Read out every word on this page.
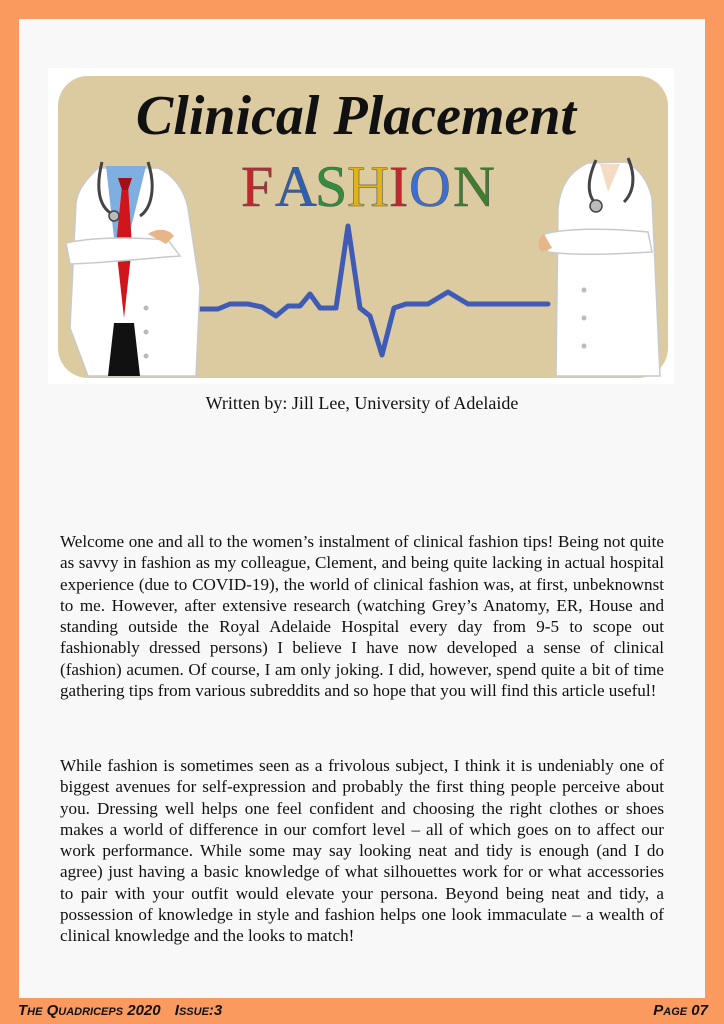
Clinical Placement
F A
S H I O N
Written by: Jill Lee, University of Adelaide

Welcome one and all to the women’s instalment of clinical fashion tips! Being not quite as savvy in fashion as my colleague, Clement, and being quite lacking in actual hospital experience (due to COVID-19), the world of clinical fashion was, at first, unbeknownst to me. However, after extensive research (watching Grey’s Anatomy, ER, House and standing outside the Royal Adelaide Hospital every day from 9-5 to scope out fashionably dressed persons) I believe I have now developed a sense of clinical (fashion) acumen. Of course, I am only joking. I did, however, spend quite a bit of time gathering tips from various subreddits and so hope that you will find this article useful!

While fashion is sometimes seen as a frivolous subject, I think it is undeniably one of biggest avenues for self-expression and probably the first thing people perceive about you. Dressing well helps one feel confident and choosing the right clothes or shoes makes a world of difference in our comfort level – all of which goes on to affect our work performance. While some may say looking neat and tidy is enough (and I do agree) just having a basic knowledge of what silhouettes work for or what accessories to pair with your outfit would elevate your persona. Beyond being neat and tidy, a possession of knowledge in style and fashion helps one look immaculate – a wealth of clinical knowledge and the looks to match!

The Quadriceps 2020 Issue:3	Page 07
